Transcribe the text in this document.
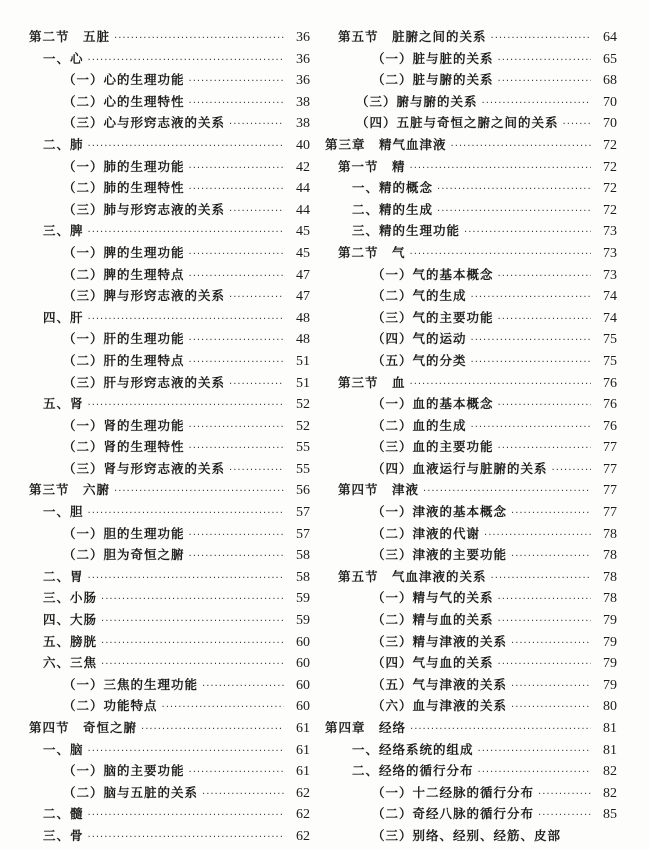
第二节　五脏 ·····	36
一、心 ·····	36
（一）心的生理功能 ·····	36
（二）心的生理特性 ·····	38
（三）心与形窍志液的关系 ·····	38
二、肺 ·····	40
（一）肺的生理功能 ·····	42
（二）肺的生理特性 ·····	44
（三）肺与形窍志液的关系 ·····	44
三、脾 ·····	45
（一）脾的生理功能 ·····	45
（二）脾的生理特点 ·····	47
（三）脾与形窍志液的关系 ·····	47
四、肝 ·····	48
（一）肝的生理功能 ·····	48
（二）肝的生理特点 ·····	51
（三）肝与形窍志液的关系 ·····	51
五、肾 ·····	52
（一）肾的生理功能 ·····	52
（二）肾的生理特性 ·····	55
（三）肾与形窍志液的关系 ·····	55
第三节　六腑 ·····	56
一、胆 ·····	57
（一）胆的生理功能 ·····	57
（二）胆为奇恒之腑 ·····	58
二、胃 ·····	58
三、小肠 ·····	59
四、大肠 ·····	59
五、膀胱 ·····	60
六、三焦 ·····	60
（一）三焦的生理功能 ·····	60
（二）功能特点 ·····	60
第四节　奇恒之腑 ·····	61
一、脑 ·····	61
（一）脑的主要功能 ·····	61
（二）脑与五脏的关系 ·····	62
二、髓 ·····	62
三、骨 ·····	62
第五节　脏腑之间的关系 ·····	64
（一）脏与脏的关系 ·····	65
（二）脏与腑的关系 ·····	68
（三）腑与腑的关系 ·····	70
（四）五脏与奇恒之腑之间的关系 ·····	70
第三章　精气血津液 ·····	72
第一节　精 ·····	72
一、精的概念 ·····	72
二、精的生成 ·····	72
三、精的生理功能 ·····	73
第二节　气 ·····	73
（一）气的基本概念 ·····	73
（二）气的生成 ·····	74
（三）气的主要功能 ·····	74
（四）气的运动 ·····	75
（五）气的分类 ·····	75
第三节　血 ·····	76
（一）血的基本概念 ·····	76
（二）血的生成 ·····	76
（三）血的主要功能 ·····	77
（四）血液运行与脏腑的关系 ·····	77
第四节　津液 ·····	77
（一）津液的基本概念 ·····	77
（二）津液的代谢 ·····	78
（三）津液的主要功能 ·····	78
第五节　气血津液的关系 ·····	78
（一）精与气的关系 ·····	78
（二）精与血的关系 ·····	79
（三）精与津液的关系 ·····	79
（四）气与血的关系 ·····	79
（五）气与津液的关系 ·····	79
（六）血与津液的关系 ·····	80
第四章　经络 ·····	81
一、经络系统的组成 ·····	81
二、经络的循行分布 ·····	82
（一）十二经脉的循行分布 ·····	82
（二）奇经八脉的循行分布 ·····	85
（三）别络、经别、经筋、皮部
